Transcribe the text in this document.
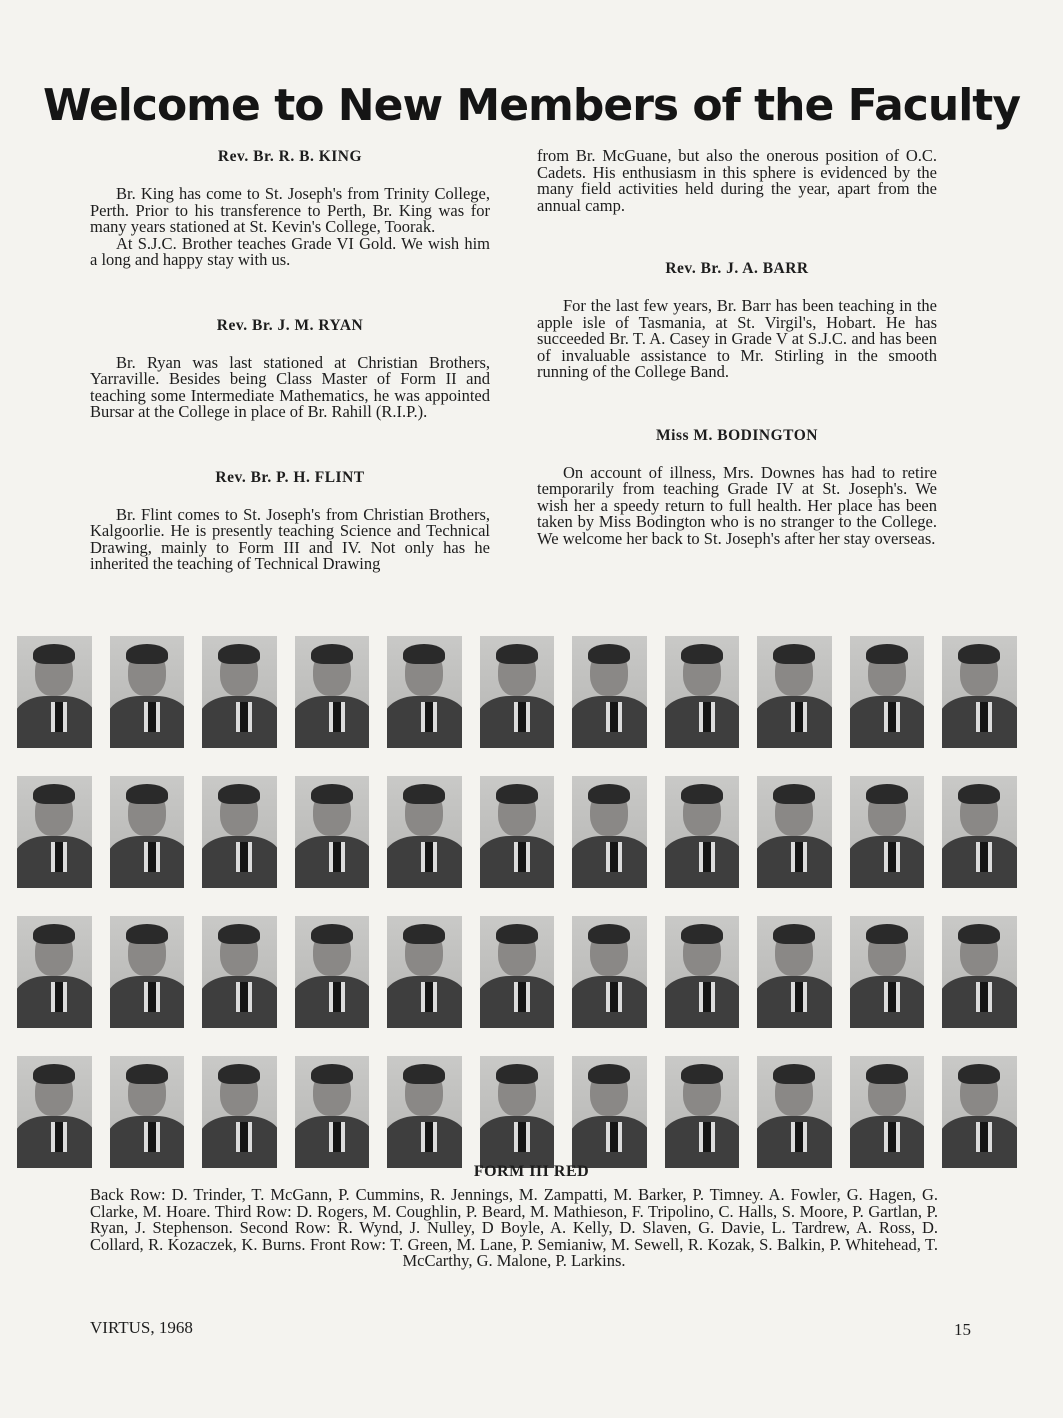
Welcome to New Members of the Faculty
Rev. Br. R. B. KING

Br. King has come to St. Joseph's from Trinity College, Perth. Prior to his transference to Perth, Br. King was for many years stationed at St. Kevin's College, Toorak.

At S.J.C. Brother teaches Grade VI Gold. We wish him a long and happy stay with us.

Rev. Br. J. M. RYAN

Br. Ryan was last stationed at Christian Brothers, Yarraville. Besides being Class Master of Form II and teaching some Intermediate Mathematics, he was appointed Bursar at the College in place of Br. Rahill (R.I.P.).

Rev. Br. P. H. FLINT

Br. Flint comes to St. Joseph's from Christian Brothers, Kalgoorlie. He is presently teaching Science and Technical Drawing, mainly to Form III and IV. Not only has he inherited the teaching of Technical Drawing

from Br. McGuane, but also the onerous position of O.C. Cadets. His enthusiasm in this sphere is evidenced by the many field activities held during the year, apart from the annual camp.

Rev. Br. J. A. BARR

For the last few years, Br. Barr has been teaching in the apple isle of Tasmania, at St. Virgil's, Hobart. He has succeeded Br. T. A. Casey in Grade V at S.J.C. and has been of invaluable assistance to Mr. Stirling in the smooth running of the College Band.

Miss M. BODINGTON

On account of illness, Mrs. Downes has had to retire temporarily from teaching Grade IV at St. Joseph's. We wish her a speedy return to full health. Her place has been taken by Miss Bodington who is no stranger to the College. We welcome her back to St. Joseph's after her stay overseas.

FORM III RED
Back Row: D. Trinder, T. McGann, P. Cummins, R. Jennings, M. Zampatti, M. Barker, P. Timney. A. Fowler, G. Hagen, G. Clarke, M. Hoare. Third Row: D. Rogers, M. Coughlin, P. Beard, M. Mathieson, F. Tripolino, C. Halls, S. Moore, P. Gartlan, P. Ryan, J. Stephenson. Second Row: R. Wynd, J. Nulley, D Boyle, A. Kelly, D. Slaven, G. Davie, L. Tardrew, A. Ross, D. Collard, R. Kozaczek, K. Burns. Front Row: T. Green, M. Lane, P. Semianiw, M. Sewell, R. Kozak, S. Balkin, P. Whitehead, T. McCarthy, G. Malone, P. Larkins.
VIRTUS, 1968	15
